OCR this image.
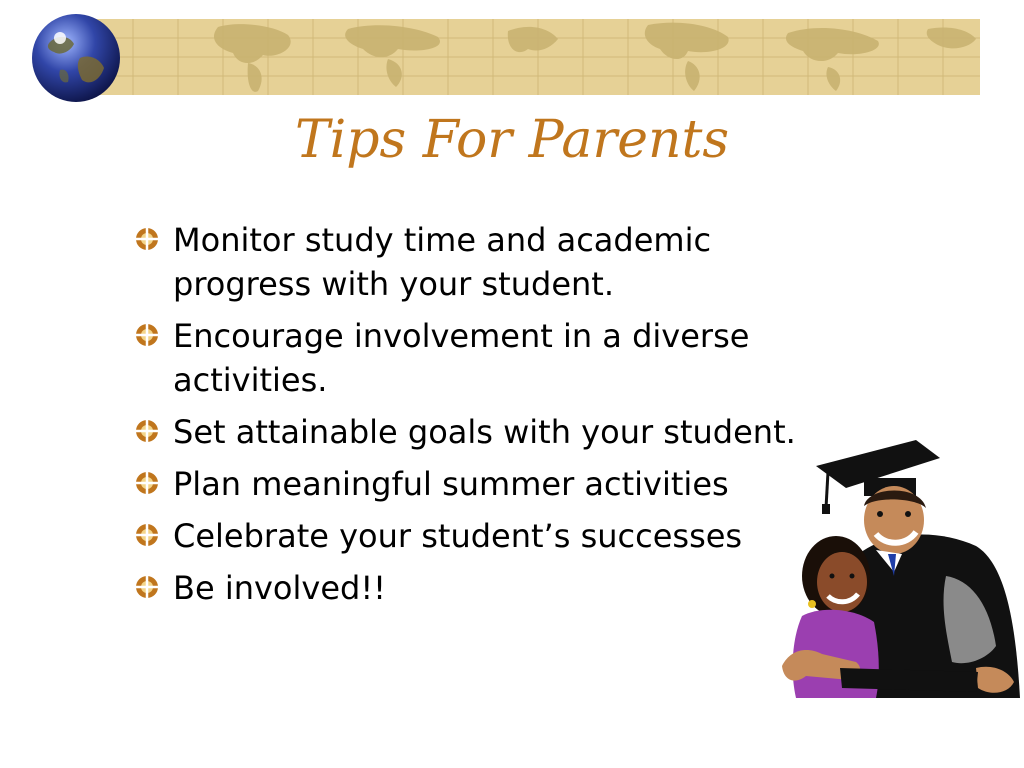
Tips For Parents
Monitor study time and academic progress with your student.
Encourage involvement in a diverse activities.
Set attainable goals with your student.
Plan meaningful summer activities
Celebrate your student’s successes
Be involved!!
